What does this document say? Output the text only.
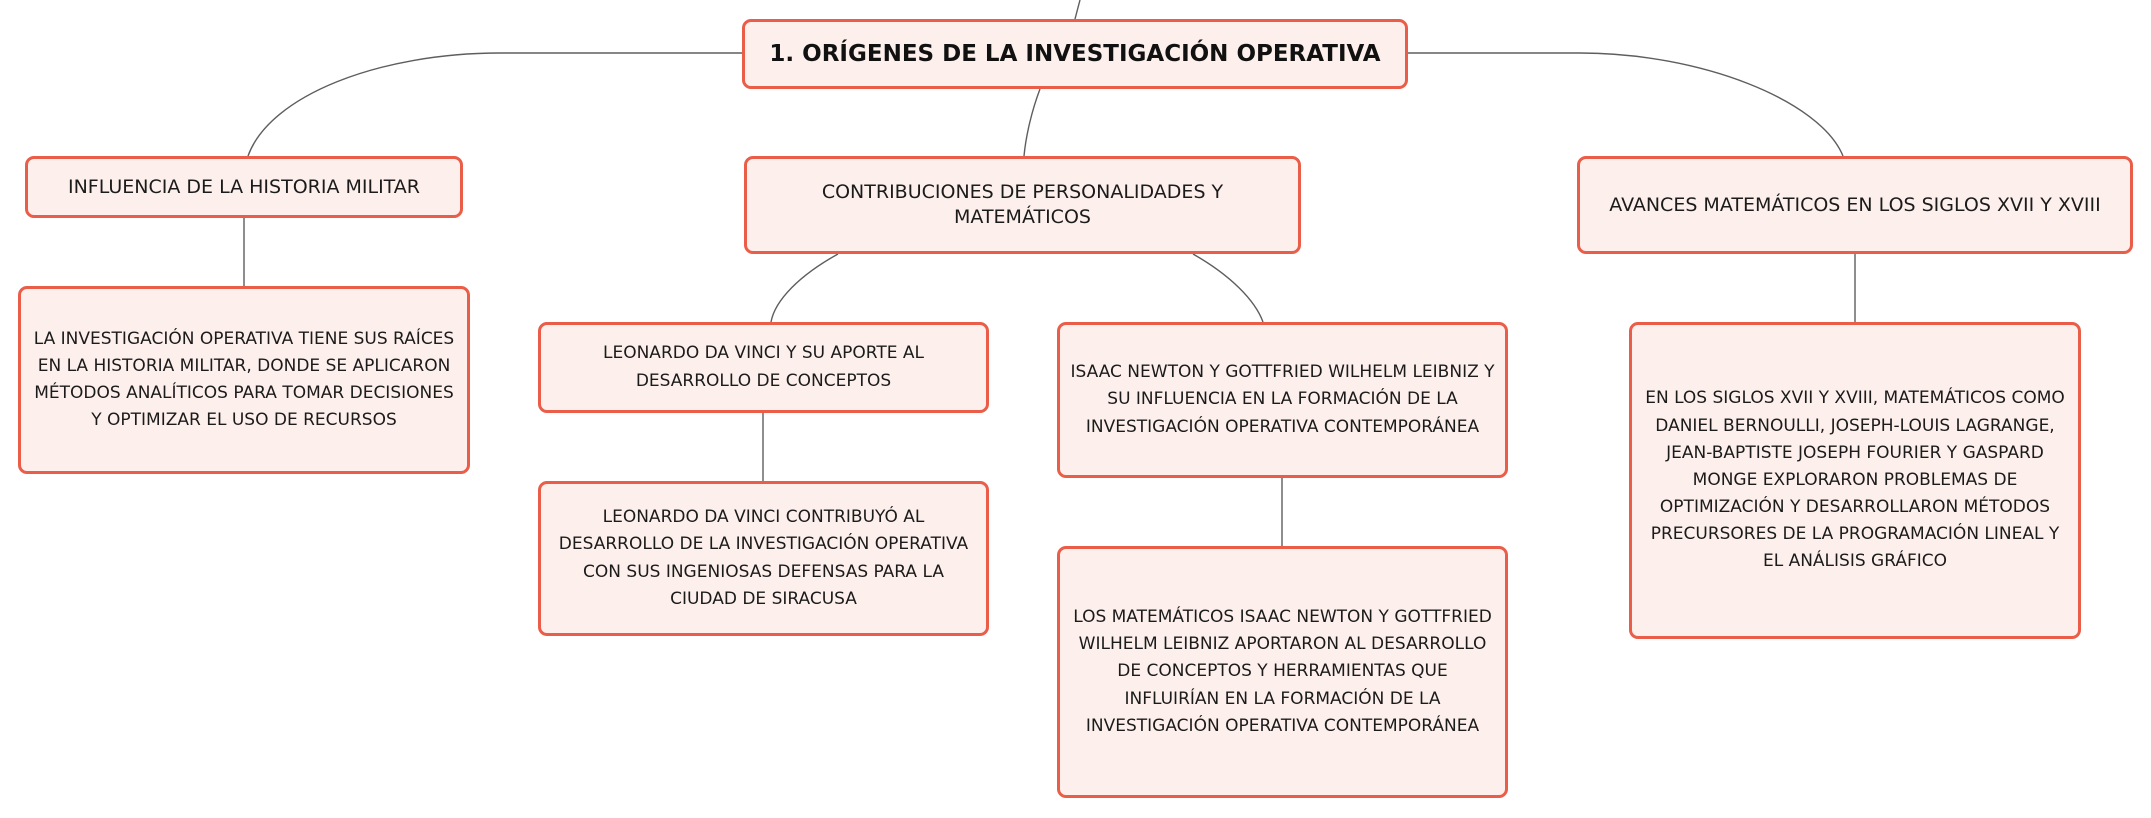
1. ORÍGENES DE LA INVESTIGACIÓN OPERATIVA
INFLUENCIA DE LA HISTORIA MILITAR
LA INVESTIGACIÓN OPERATIVA TIENE SUS RAÍCES EN LA HISTORIA MILITAR, DONDE SE APLICARON MÉTODOS ANALÍTICOS PARA TOMAR DECISIONES Y OPTIMIZAR EL USO DE RECURSOS
CONTRIBUCIONES DE PERSONALIDADES Y MATEMÁTICOS
LEONARDO DA VINCI Y SU APORTE AL DESARROLLO DE CONCEPTOS
LEONARDO DA VINCI CONTRIBUYÓ AL DESARROLLO DE LA INVESTIGACIÓN OPERATIVA CON SUS INGENIOSAS DEFENSAS PARA LA CIUDAD DE SIRACUSA
ISAAC NEWTON Y GOTTFRIED WILHELM LEIBNIZ Y SU INFLUENCIA EN LA FORMACIÓN DE LA INVESTIGACIÓN OPERATIVA CONTEMPORÁNEA
LOS MATEMÁTICOS ISAAC NEWTON Y GOTTFRIED WILHELM LEIBNIZ APORTARON AL DESARROLLO DE CONCEPTOS Y HERRAMIENTAS QUE INFLUIRÍAN EN LA FORMACIÓN DE LA INVESTIGACIÓN OPERATIVA CONTEMPORÁNEA
AVANCES MATEMÁTICOS EN LOS SIGLOS XVII Y XVIII
EN LOS SIGLOS XVII Y XVIII, MATEMÁTICOS COMO DANIEL BERNOULLI, JOSEPH-LOUIS LAGRANGE, JEAN-BAPTISTE JOSEPH FOURIER Y GASPARD MONGE EXPLORARON PROBLEMAS DE OPTIMIZACIÓN Y DESARROLLARON MÉTODOS PRECURSORES DE LA PROGRAMACIÓN LINEAL Y EL ANÁLISIS GRÁFICO
